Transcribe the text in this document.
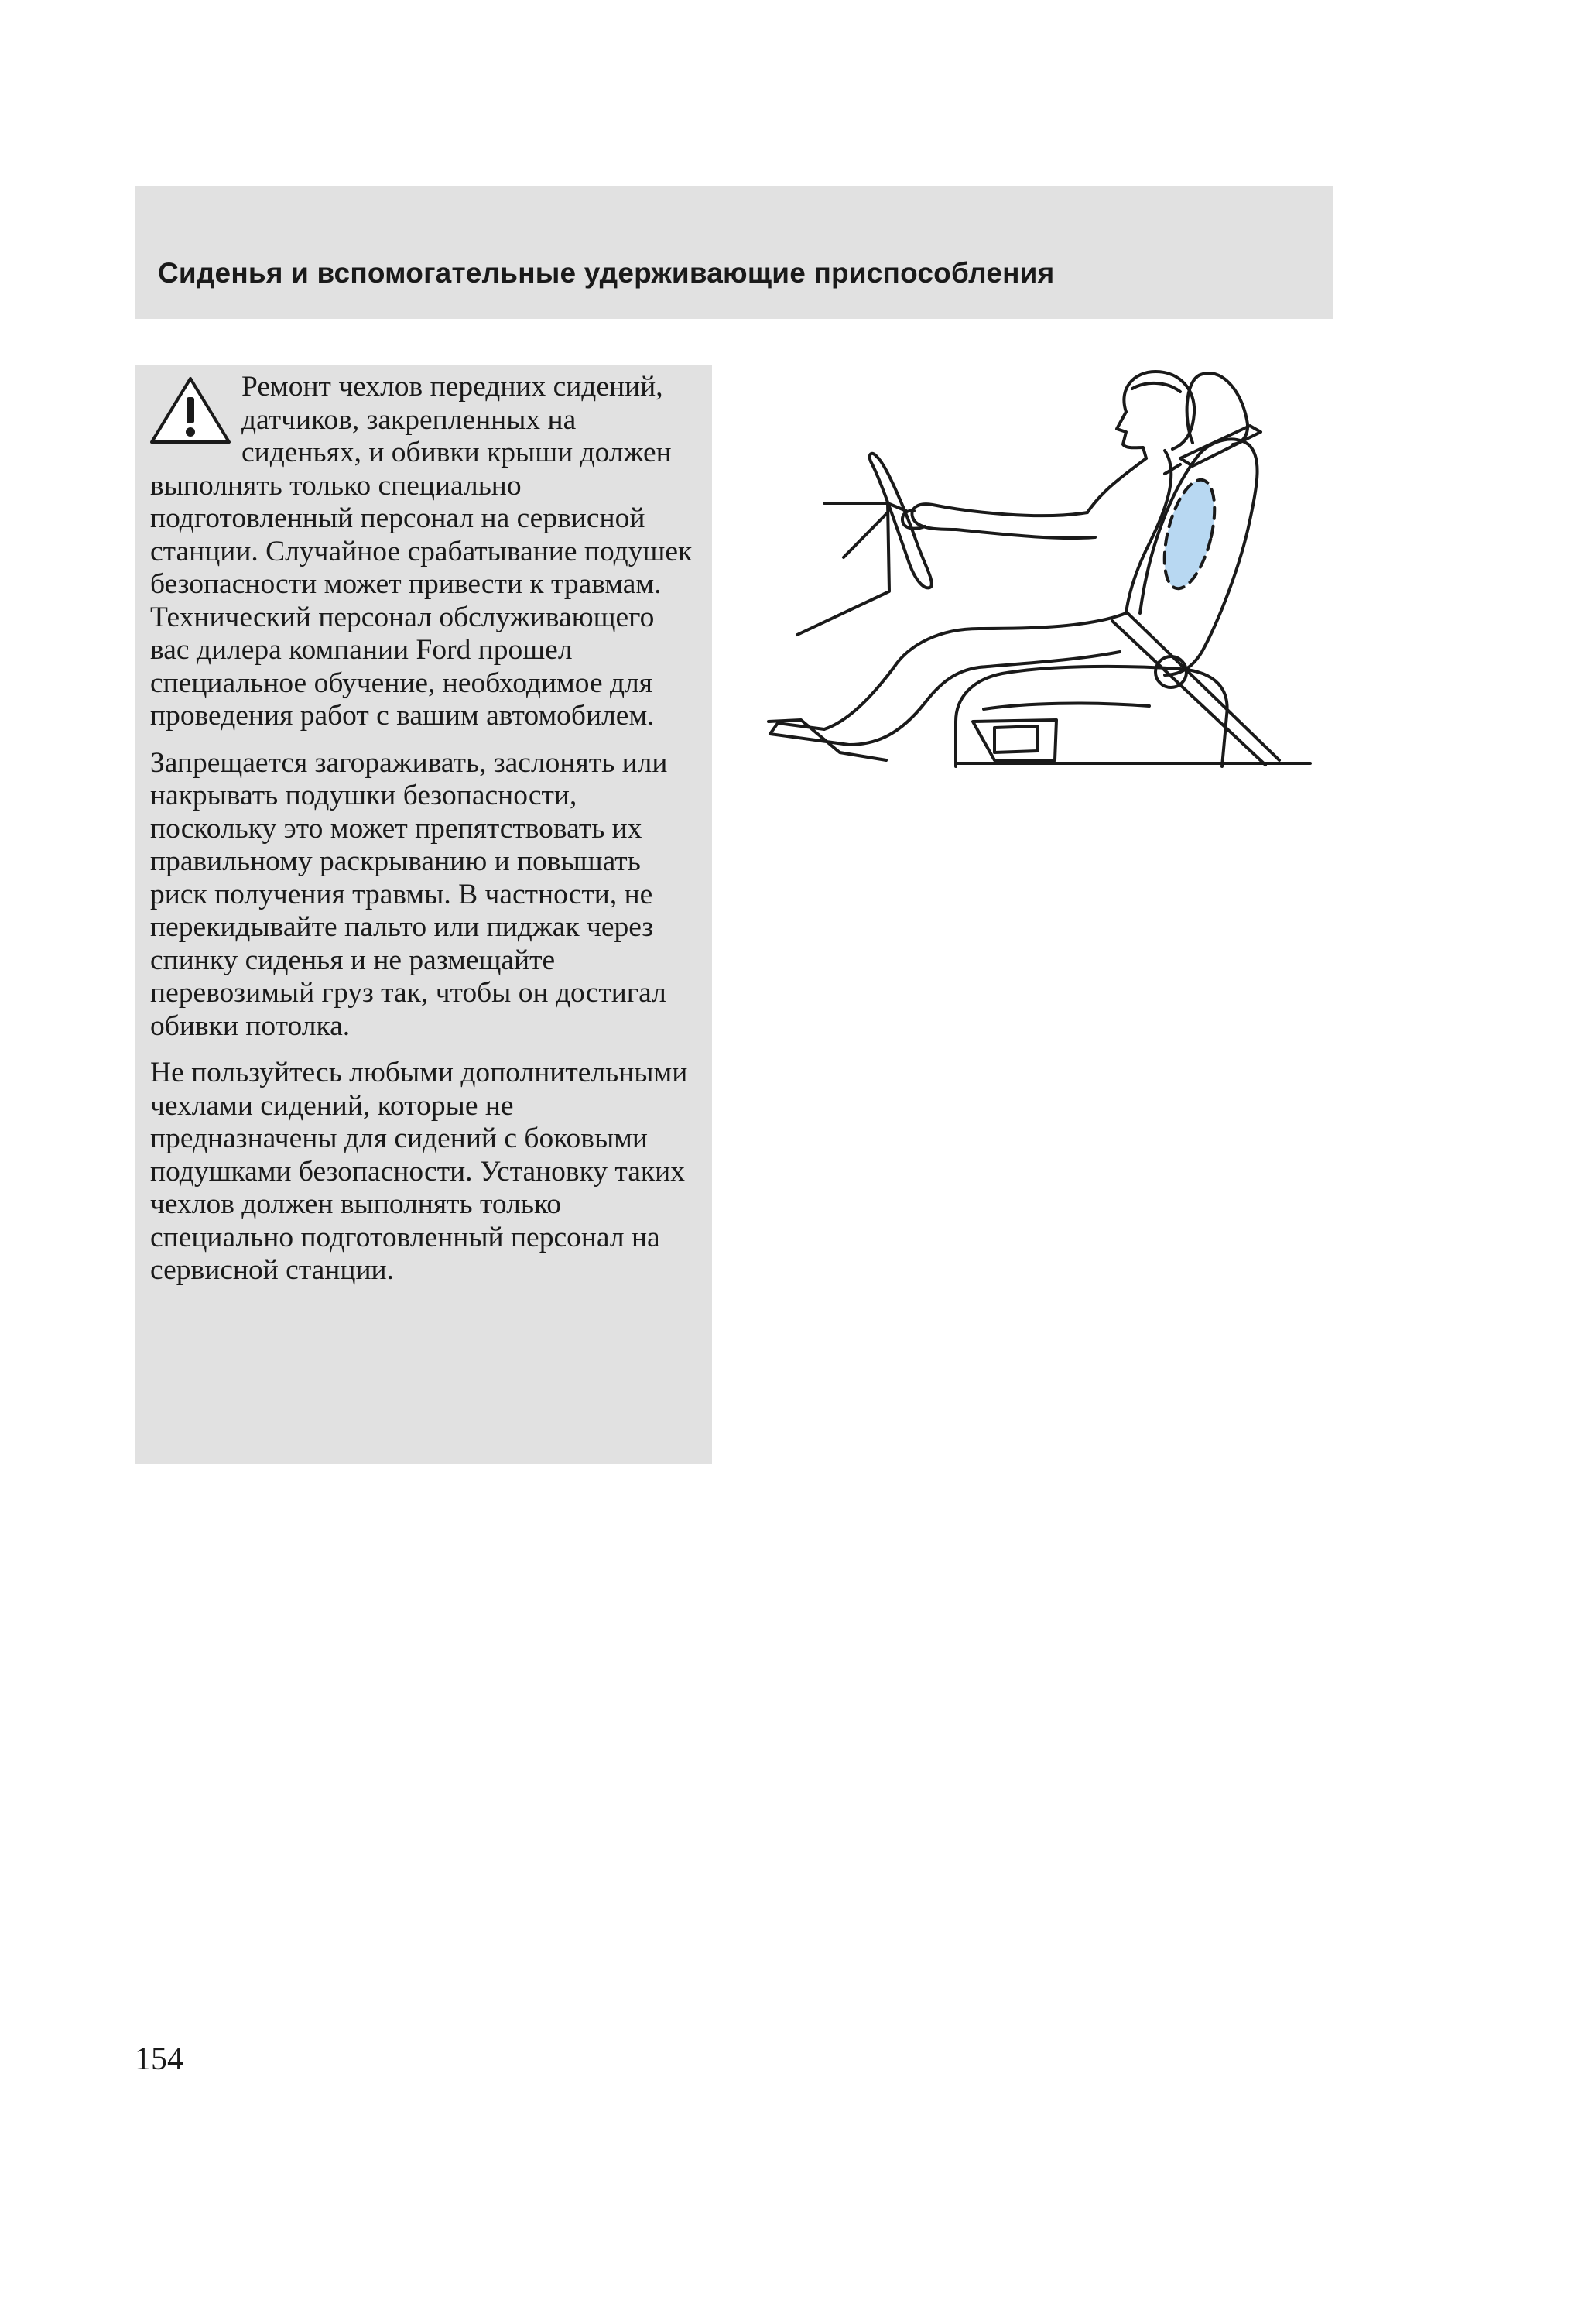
Сиденья и вспомогательные удерживающие приспособления

Ремонт чехлов передних сидений, датчиков, закрепленных на сиденьях, и обивки крыши должен выполнять только специально подготовленный персонал на сервисной станции. Случайное срабатывание подушек безопасности может привести к травмам. Технический персонал обслуживающего вас дилера компании Ford прошел специальное обучение, необходимое для проведения работ с вашим автомобилем.

Запрещается загораживать, заслонять или накрывать подушки безопасности, поскольку это может препятствовать их правильному раскрыванию и повышать риск получения травмы. В частности, не перекидывайте пальто или пиджак через спинку сиденья и не размещайте перевозимый груз так, чтобы он достигал обивки потолка.

Не пользуйтесь любыми дополнительными чехлами сидений, которые не предназначены для сидений с боковыми подушками безопасности. Установку таких чехлов должен выполнять только специально подготовленный персонал на сервисной станции.

154
